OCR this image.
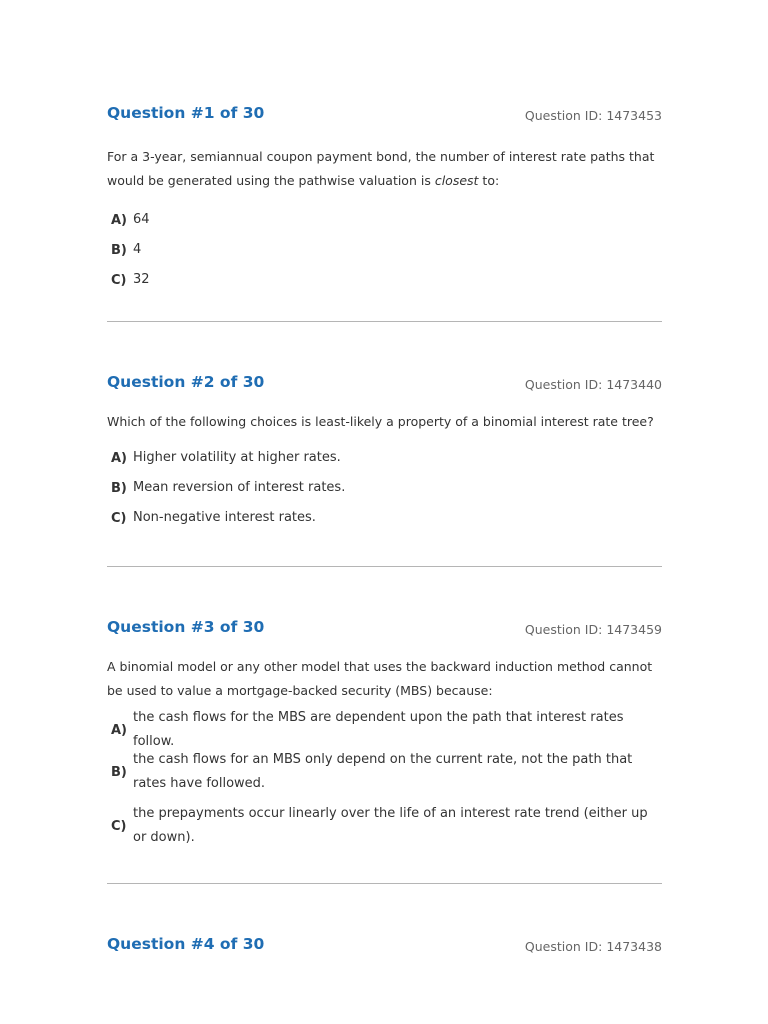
Question #1 of 30	Question ID: 1473453

For a 3-year, semiannual coupon payment bond, the number of interest rate paths that would be generated using the pathwise valuation is closest to:

A) 64
B) 4
C) 32
Question #2 of 30	Question ID: 1473440

Which of the following choices is least-likely a property of a binomial interest rate tree?

A) Higher volatility at higher rates.
B) Mean reversion of interest rates.
C) Non-negative interest rates.
Question #3 of 30	Question ID: 1473459

A binomial model or any other model that uses the backward induction method cannot be used to value a mortgage-backed security (MBS) because:

A)
the cash flows for the MBS are dependent upon the path that interest rates follow.
B)
the cash flows for an MBS only depend on the current rate, not the path that rates have followed.
C)
the prepayments occur linearly over the life of an interest rate trend (either up or down).
Question #4 of 30	Question ID: 1473438
